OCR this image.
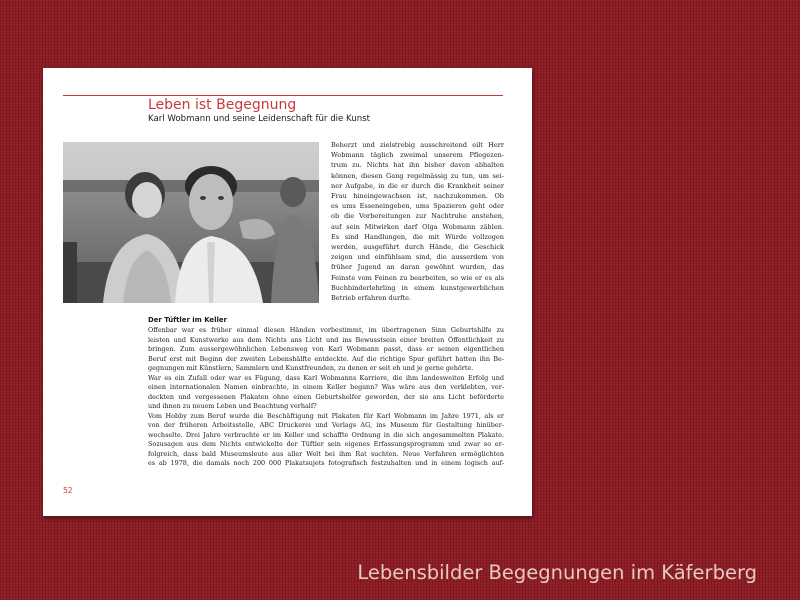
Leben ist Begegnung
Karl Wobmann und seine Leidenschaft für die Kunst
Beherzt und zielstrebig ausschreitend eilt Herr
Wobmann täglich zweimal unserem Pflegezen-
trum zu. Nichts hat ihn bisher davon abhalten
können, diesen Gang regelmässig zu tun, um sei-
ner Aufgabe, in die er durch die Krankheit seiner
Frau hineingewachsen ist, nachzukommen. Ob
es ums Esseneingeben, ums Spazieren geht oder
ob die Vorbereitungen zur Nachtruhe anstehen,
auf sein Mitwirken darf Olga Wobmann zählen.
Es sind Handlungen, die mit Würde vollzogen
werden, ausgeführt durch Hände, die Geschick
zeigen und einfühlsam sind, die ausserdem von
früher Jugend an daran gewöhnt wurden, das
Feinste vom Feinen zu bearbeiten, so wie er es als
Buchbinderlehrling in einem kunstgewerblichen
Betrieb erfahren durfte.
Der Tüftler im Keller
Offenbar war es früher einmal diesen Händen vorbestimmt, im übertragenen Sinn Geburtshilfe zu
leisten und Kunstwerke aus dem Nichts ans Licht und ins Bewusstsein einer breiten Öffentlichkeit zu
bringen. Zum aussergewöhnlichen Lebensweg von Karl Wobmann passt, dass er seinen eigentlichen
Beruf erst mit Beginn der zweiten Lebenshälfte entdeckte. Auf die richtige Spur geführt hatten ihn Be-
gegnungen mit Künstlern, Sammlern und Kunstfreunden, zu denen er seit eh und je gerne gehörte.
War es ein Zufall oder war es Fügung, dass Karl Wobmanns Karriere, die ihm landesweiten Erfolg und
einen internationalen Namen einbrachte, in einem Keller begann? Was wäre aus den verklebten, ver-
deckten und vergessenen Plakaten ohne einen Geburtshelfer geworden, der sie ans Licht beförderte
und ihnen zu neuem Leben und Beachtung verhalf?
Vom Hobby zum Beruf wurde die Beschäftigung mit Plakaten für Karl Wobmann im Jahre 1971, als er
von der früheren Arbeitsstelle, ABC Druckerei und Verlags AG, ins Museum für Gestaltung hinüber-
wechselte. Drei Jahre verbrachte er im Keller und schaffte Ordnung in die sich angesammelten Plakate.
Sozusagen aus dem Nichts entwickelte der Tüftler sein eigenes Erfassungsprogramm und zwar so er-
folgreich, dass bald Museumsleute aus aller Welt bei ihm Rat suchten. Neue Verfahren ermöglichten
es ab 1978, die damals noch 200 000 Plakatsujets fotografisch festzuhalten und in einem logisch auf-
52
Lebensbilder Begegnungen im Käferberg
